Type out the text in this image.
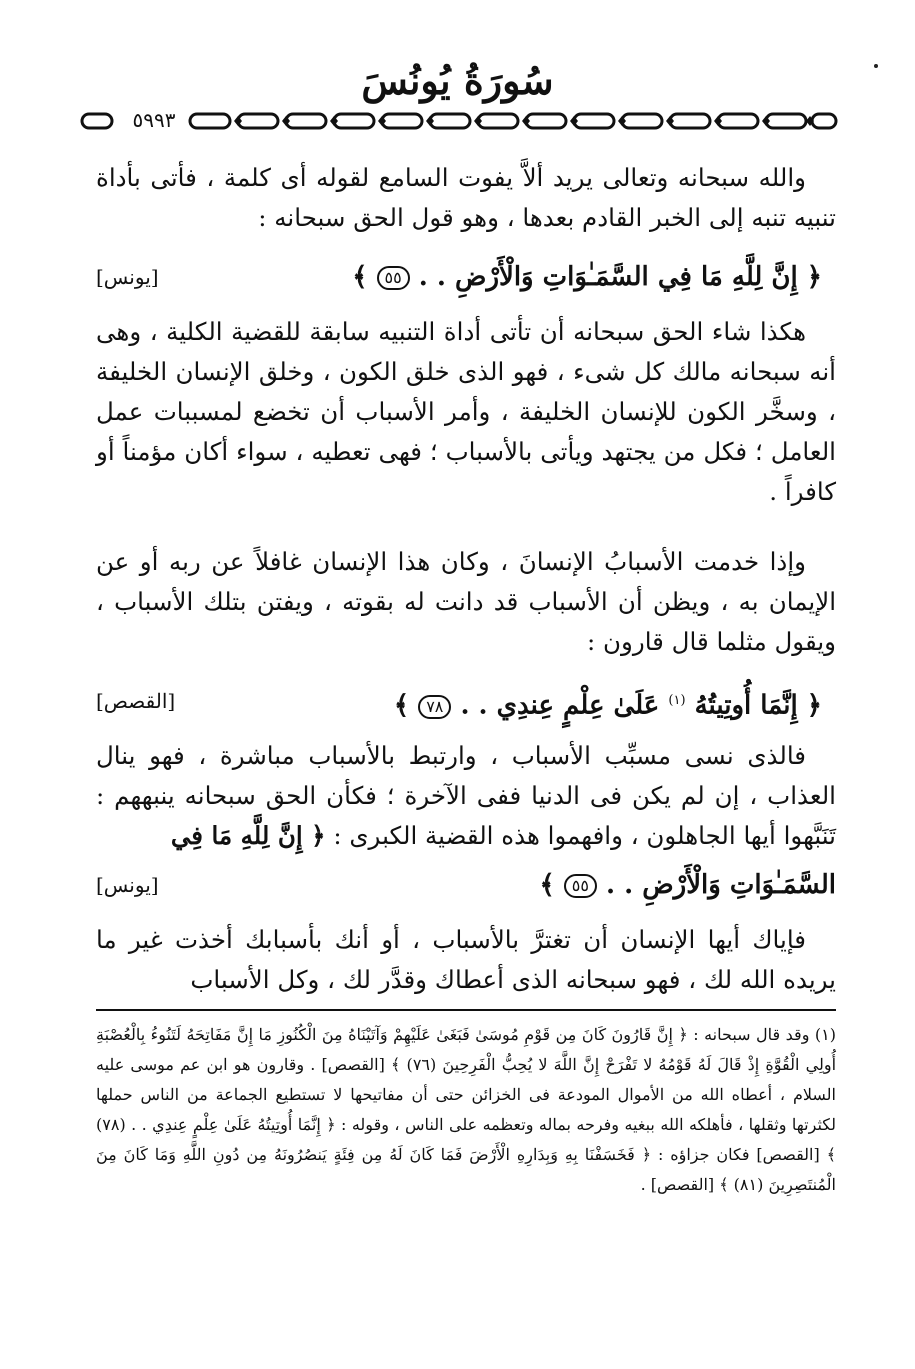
سُورَةُ يُونُسَ
٥٩٩٣

والله سبحانه وتعالى يريد ألاَّ يفوت السامع لقوله أى كلمة ، فأتى بأداة تنبيه تنبه إلى الخبر القادم بعدها ، وهو قول الحق سبحانه :

﴿ إِنَّ لِلَّهِ مَا فِي السَّمَـٰوَاتِ وَالْأَرْضِ . . ٥٥ ﴾
[يونس]

هكذا شاء الحق سبحانه أن تأتى أداة التنبيه سابقة للقضية الكلية ، وهى أنه سبحانه مالك كل شىء ، فهو الذى خلق الكون ، وخلق الإنسان الخليفة ، وسخَّر الكون للإنسان الخليفة ، وأمر الأسباب أن تخضع لمسببات عمل العامل ؛ فكل من يجتهد ويأتى بالأسباب ؛ فهى تعطيه ، سواء أكان مؤمناً أو كافراً .

وإذا خدمت الأسبابُ الإنسانَ ، وكان هذا الإنسان غافلاً عن ربه أو عن الإيمان به ، ويظن أن الأسباب قد دانت له بقوته ، ويفتن بتلك الأسباب ، ويقول مثلما قال قارون :

﴿ إِنَّمَا أُوتِيتُهُ $^{(١)}$ عَلَىٰ عِلْمٍ عِندِي . . ٧٨ ﴾
[القصص]

فالذى نسى مسبِّب الأسباب ، وارتبط بالأسباب مباشرة ، فهو ينال العذاب ، إن لم يكن فى الدنيا ففى الآخرة ؛ فكأن الحق سبحانه ينبههم : تَنَبَّهوا أيها الجاهلون ، وافهموا هذه القضية الكبرى : ﴿ إِنَّ لِلَّهِ مَا فِي

السَّمَـٰوَاتِ وَالْأَرْضِ . . ٥٥ ﴾
[يونس]

فإياك أيها الإنسان أن تغترَّ بالأسباب ، أو أنك بأسبابك أخذت غير ما يريده الله لك ، فهو سبحانه الذى أعطاك وقدَّر لك ، وكل الأسباب

(١) وقد قال سبحانه : ﴿ إِنَّ قَارُونَ كَانَ مِن قَوْمِ مُوسَىٰ فَبَغَىٰ عَلَيْهِمْ وَآتَيْنَاهُ مِنَ الْكُنُوزِ مَا إِنَّ مَفَاتِحَهُ لَتَنُوءُ بِالْعُصْبَةِ أُولِي الْقُوَّةِ إِذْ قَالَ لَهُ قَوْمُهُ لا تَفْرَحْ إِنَّ اللَّهَ لا يُحِبُّ الْفَرِحِينَ (٧٦) ﴾ [القصص] . وقارون هو ابن عم موسى عليه السلام ، أعطاه الله من الأموال المودعة فى الخزائن حتى أن مفاتيحها لا تستطيع الجماعة من الناس حملها لكثرتها وثقلها ، فأهلكه الله ببغيه وفرحه بماله وتعظمه على الناس ، وقوله : ﴿ إِنَّمَا أُوتِيتُهُ عَلَىٰ عِلْمٍ عِندِي . . (٧٨) ﴾ [القصص] فكان جزاؤه : ﴿ فَخَسَفْنَا بِهِ وَبِدَارِهِ الْأَرْضَ فَمَا كَانَ لَهُ مِن فِئَةٍ يَنصُرُونَهُ مِن دُونِ اللَّهِ وَمَا كَانَ مِنَ الْمُنتَصِرِينَ (٨١) ﴾ [القصص] .
